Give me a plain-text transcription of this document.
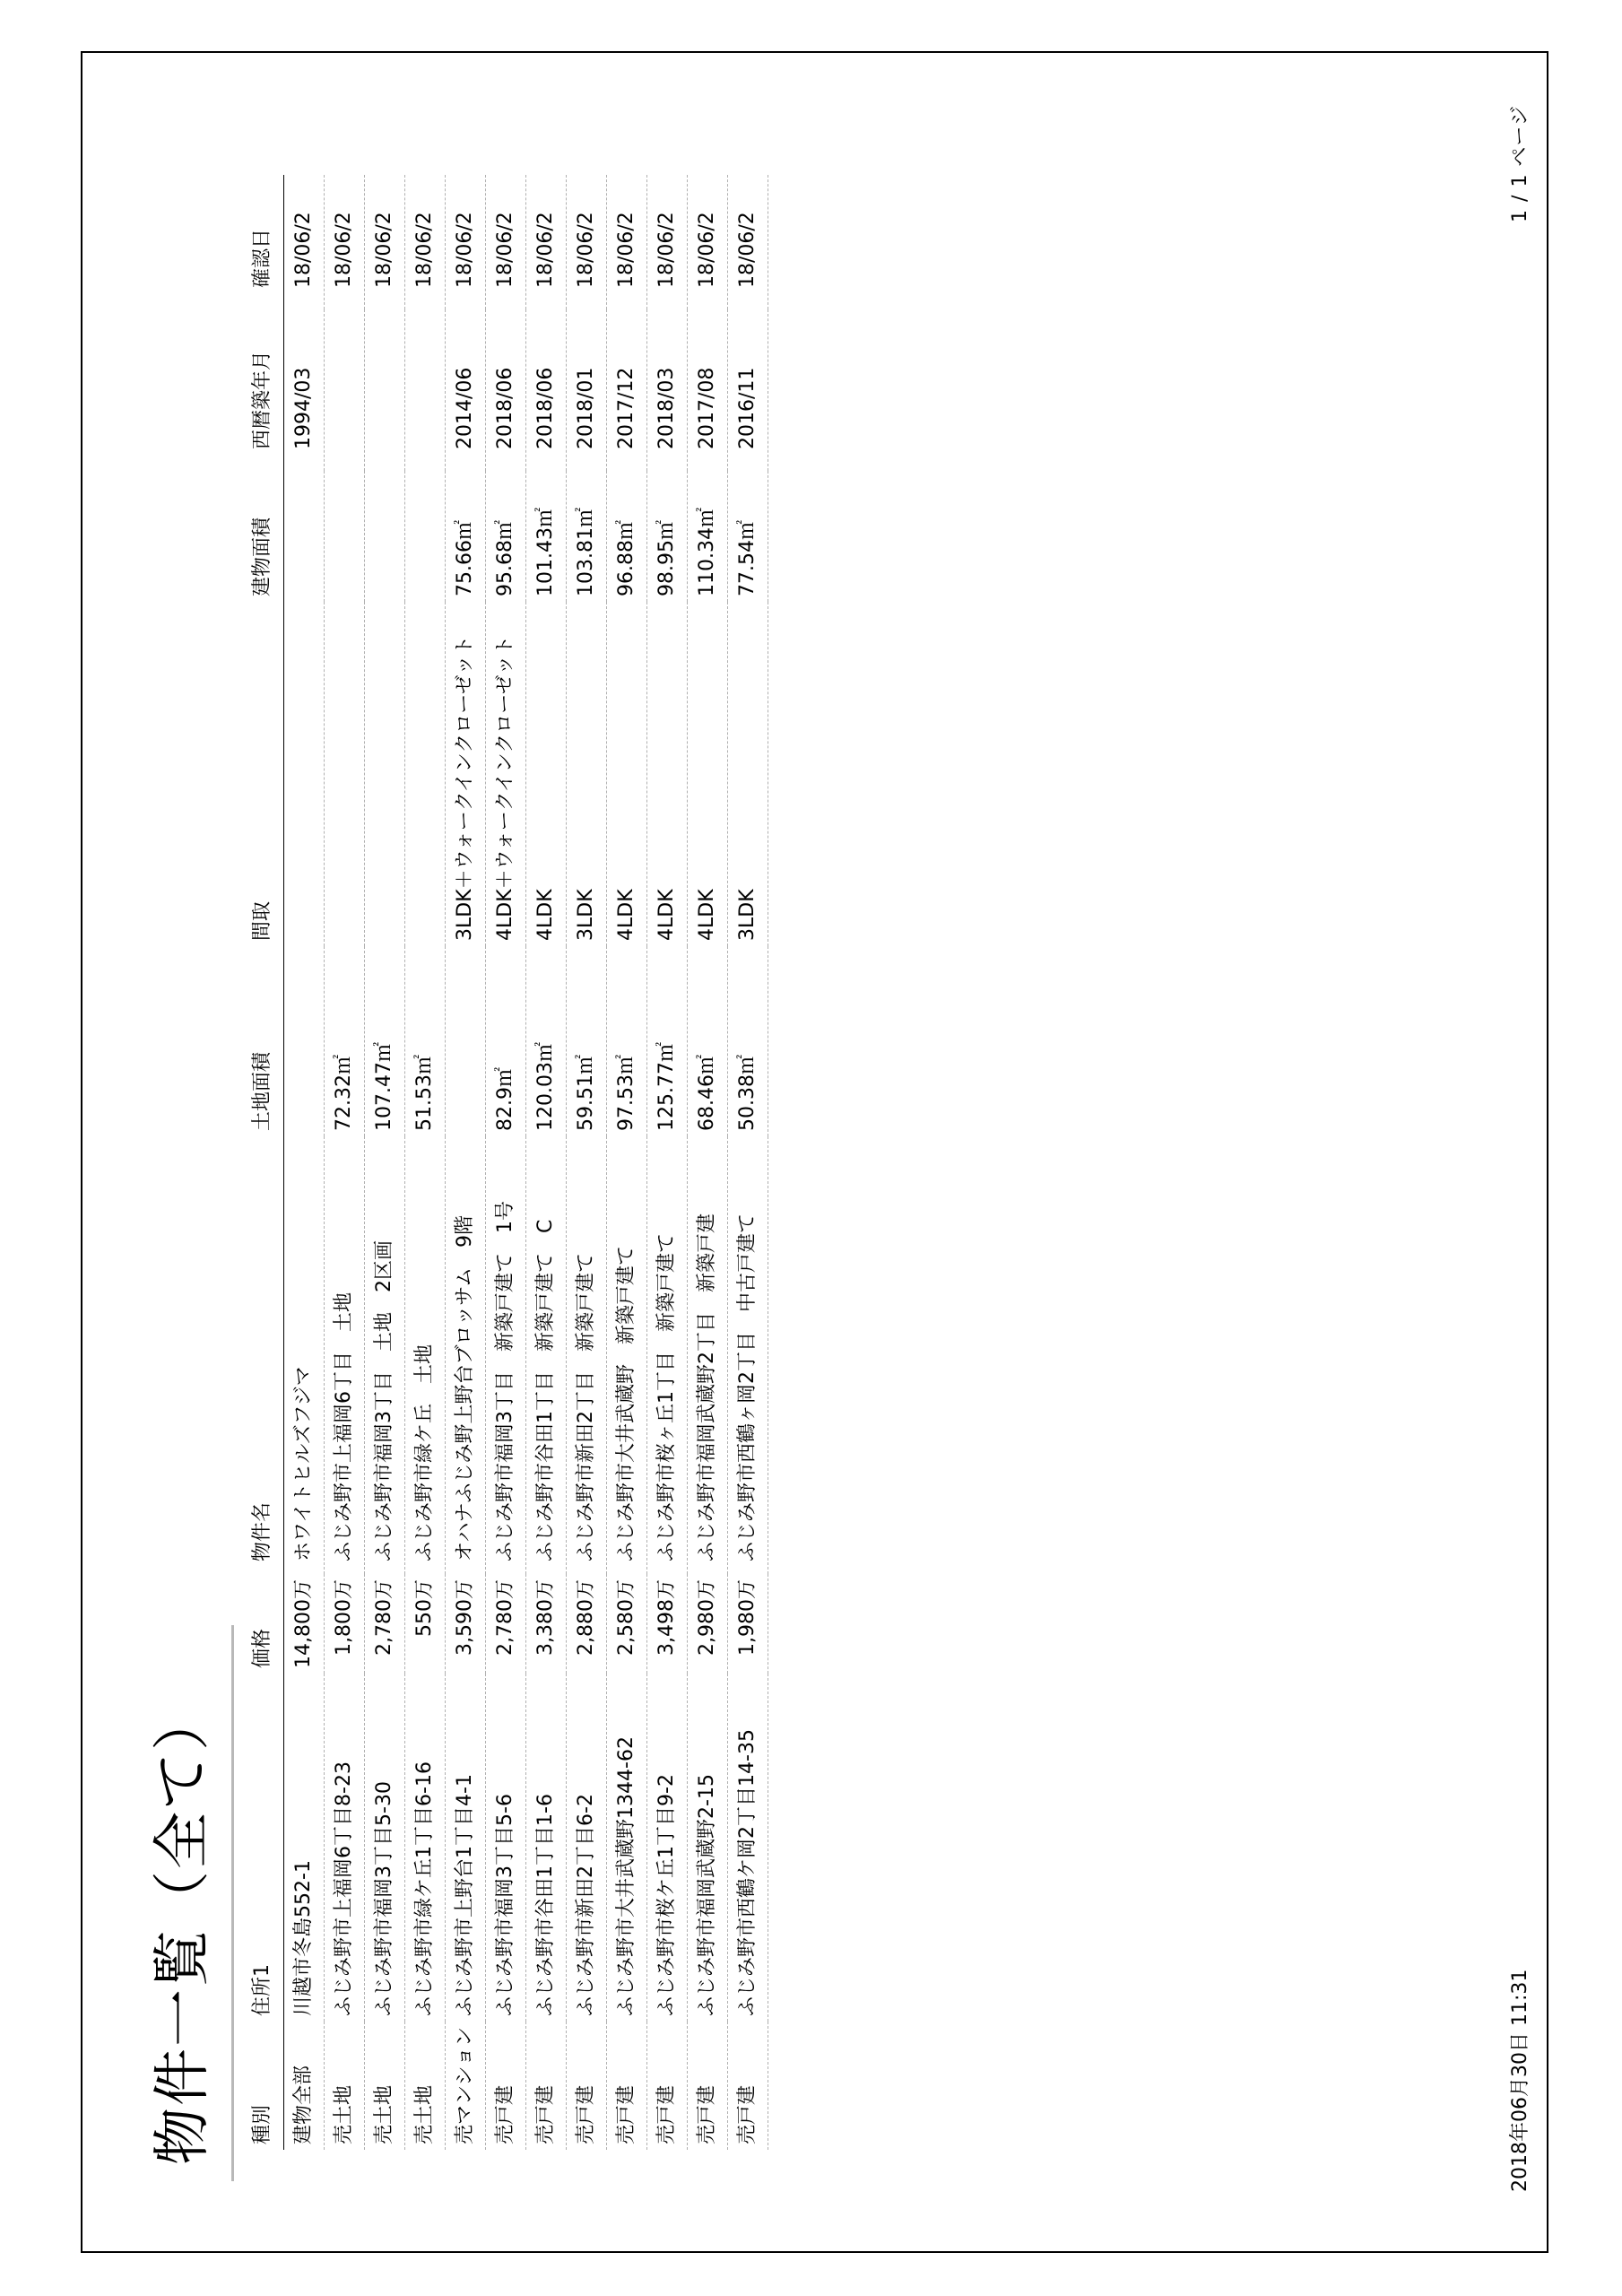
物件一覧（全て） 種別	住所1	価格	物件名	土地面積	間取	建物面積	西暦築年月	確認日
建物全部	川越市冬島552-1	14,800万	ホワイトヒルズフジマ				1994/03	18/06/2
売土地	ふじみ野市上福岡6丁目8-23	1,800万	ふじみ野市上福岡6丁目　土地	72.32㎡				18/06/2
売土地	ふじみ野市福岡3丁目5-30	2,780万	ふじみ野市福岡3丁目　土地　2区画	107.47㎡				18/06/2
売土地	ふじみ野市緑ケ丘1丁目6-16	550万	ふじみ野市緑ケ丘　土地	51.53㎡				18/06/2
売マンション	ふじみ野市上野台1丁目4-1	3,590万	オハナふじみ野上野台ブロッサム　9階		3LDK＋ウォークインクローゼット	75.66㎡	2014/06	18/06/2
売戸建	ふじみ野市福岡3丁目5-6	2,780万	ふじみ野市福岡3丁目　新築戸建て　1号	82.9㎡	4LDK＋ウォークインクローゼット	95.68㎡	2018/06	18/06/2
売戸建	ふじみ野市谷田1丁目1-6	3,380万	ふじみ野市谷田1丁目　新築戸建て　C	120.03㎡	4LDK	101.43㎡	2018/06	18/06/2
売戸建	ふじみ野市新田2丁目6-2	2,880万	ふじみ野市新田2丁目　新築戸建て	59.51㎡	3LDK	103.81㎡	2018/01	18/06/2
売戸建	ふじみ野市大井武蔵野1344-62	2,580万	ふじみ野市大井武蔵野　新築戸建て	97.53㎡	4LDK	96.88㎡	2017/12	18/06/2
売戸建	ふじみ野市桜ケ丘1丁目9-2	3,498万	ふじみ野市桜ヶ丘1丁目　新築戸建て	125.77㎡	4LDK	98.95㎡	2018/03	18/06/2
売戸建	ふじみ野市福岡武蔵野2-15	2,980万	ふじみ野市福岡武蔵野2丁目　新築戸建	68.46㎡	4LDK	110.34㎡	2017/08	18/06/2
売戸建	ふじみ野市西鶴ケ岡2丁目14-35	1,980万	ふじみ野市西鶴ヶ岡2丁目　中古戸建て	50.38㎡	3LDK	77.54㎡	2016/11	18/06/2
2018年06月30日 11:31
1 / 1 ページ
